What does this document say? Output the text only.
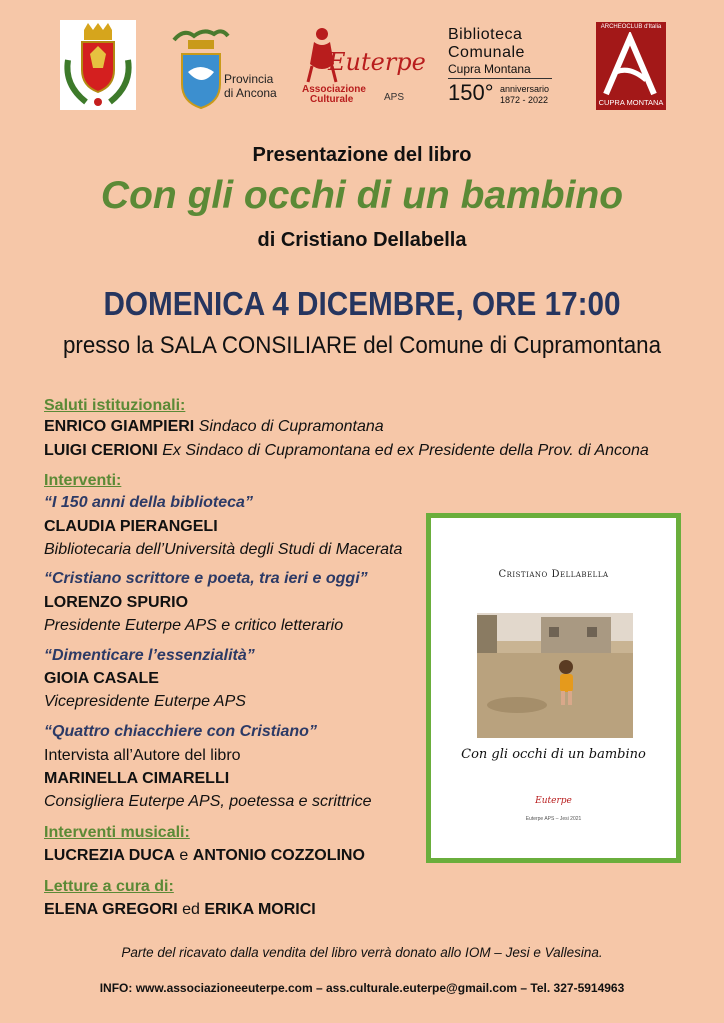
Provincia
di Ancona
Euterpe
Associazione
Culturale	APS
Biblioteca
Comunale
Cupra Montana
150° anniversario
1872 - 2022
ARCHEOCLUB d'Italia
CUPRA MONTANA
Presentazione del libro
Con gli occhi di un bambino
di Cristiano Dellabella
DOMENICA 4 DICEMBRE, ORE 17:00
presso la SALA CONSILIARE del Comune di Cupramontana
Saluti istituzionali:
ENRICO GIAMPIERI Sindaco di Cupramontana
LUIGI CERIONI Ex Sindaco di Cupramontana ed ex Presidente della Prov. di Ancona
Interventi:
“I 150 anni della biblioteca”
CLAUDIA PIERANGELI
Bibliotecaria dell’Università degli Studi di Macerata
“Cristiano scrittore e poeta, tra ieri e oggi”
LORENZO SPURIO
Presidente Euterpe APS e critico letterario
“Dimenticare l’essenzialità”
GIOIA CASALE
Vicepresidente Euterpe APS
“Quattro chiacchiere con Cristiano”
Intervista all’Autore del libro
MARINELLA CIMARELLI
Consigliera Euterpe APS, poetessa e scrittrice
Interventi musicali:
LUCREZIA DUCA e ANTONIO COZZOLINO
Letture a cura di:
ELENA GREGORI ed ERIKA MORICI
Cristiano Dellabella
Con gli occhi di un bambino
Euterpe
Euterpe APS – Jesi 2021
Parte del ricavato dalla vendita del libro verrà donato allo IOM – Jesi e Vallesina.
INFO: www.associazioneeuterpe.com – ass.culturale.euterpe@gmail.com – Tel. 327-5914963
